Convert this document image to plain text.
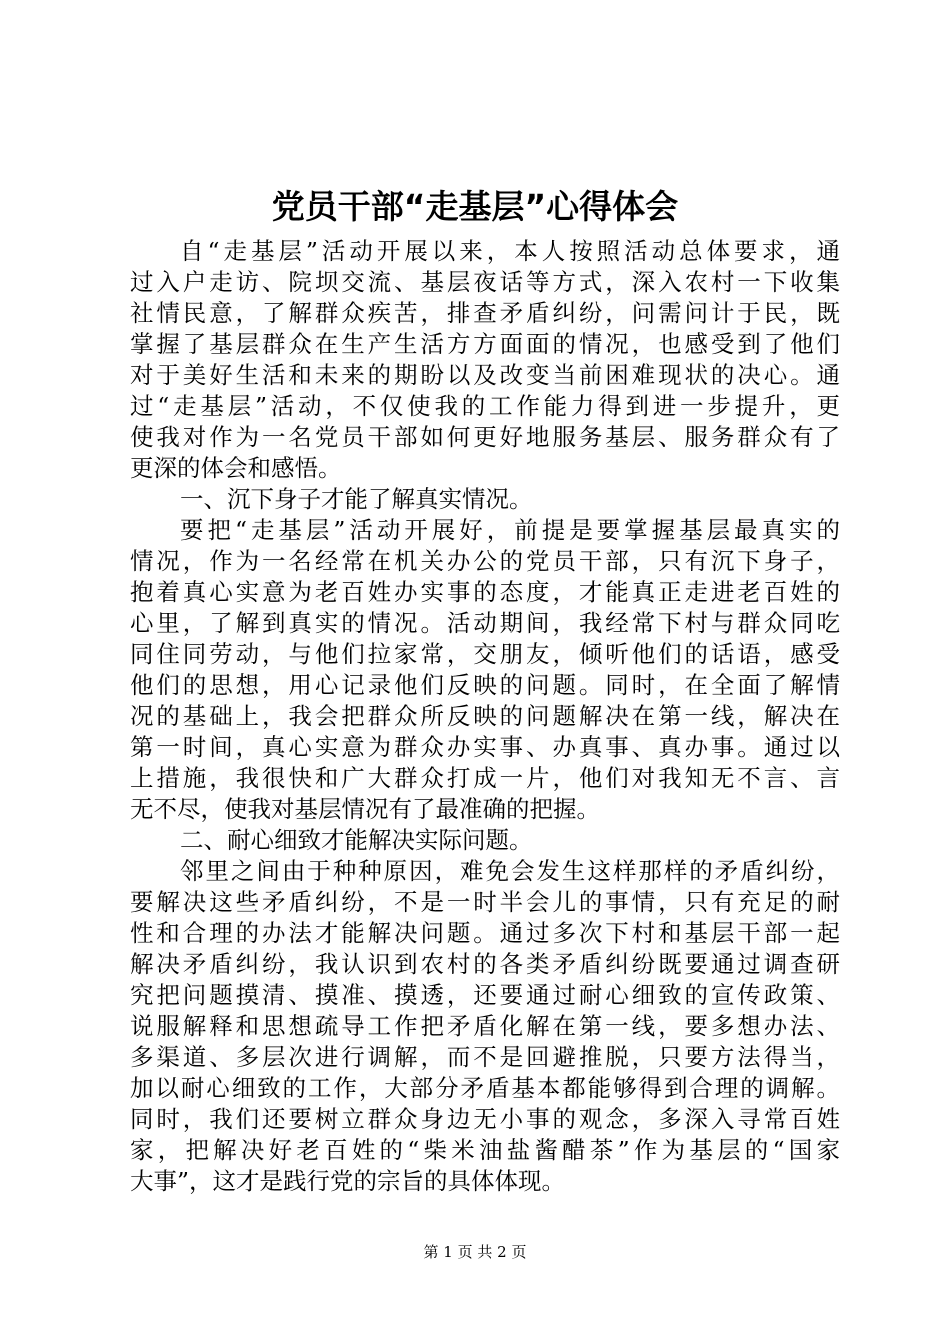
党员干部“走基层”心得体会
自“走基层”活动开展以来，本人按照活动总体要求，通
过入户走访、院坝交流、基层夜话等方式，深入农村一下收集
社情民意，了解群众疾苦，排查矛盾纠纷，问需问计于民，既
掌握了基层群众在生产生活方方面面的情况，也感受到了他们
对于美好生活和未来的期盼以及改变当前困难现状的决心。通
过“走基层”活动，不仅使我的工作能力得到进一步提升，更
使我对作为一名党员干部如何更好地服务基层、服务群众有了
更深的体会和感悟。
一、沉下身子才能了解真实情况。
要把“走基层”活动开展好，前提是要掌握基层最真实的
情况，作为一名经常在机关办公的党员干部，只有沉下身子，
抱着真心实意为老百姓办实事的态度，才能真正走进老百姓的
心里，了解到真实的情况。活动期间，我经常下村与群众同吃
同住同劳动，与他们拉家常，交朋友，倾听他们的话语，感受
他们的思想，用心记录他们反映的问题。同时，在全面了解情
况的基础上，我会把群众所反映的问题解决在第一线，解决在
第一时间，真心实意为群众办实事、办真事、真办事。通过以
上措施，我很快和广大群众打成一片，他们对我知无不言、言
无不尽，使我对基层情况有了最准确的把握。
二、耐心细致才能解决实际问题。
邻里之间由于种种原因，难免会发生这样那样的矛盾纠纷，
要解决这些矛盾纠纷，不是一时半会儿的事情，只有充足的耐
性和合理的办法才能解决问题。通过多次下村和基层干部一起
解决矛盾纠纷，我认识到农村的各类矛盾纠纷既要通过调查研
究把问题摸清、摸准、摸透，还要通过耐心细致的宣传政策、
说服解释和思想疏导工作把矛盾化解在第一线，要多想办法、
多渠道、多层次进行调解，而不是回避推脱，只要方法得当，
加以耐心细致的工作，大部分矛盾基本都能够得到合理的调解。
同时，我们还要树立群众身边无小事的观念，多深入寻常百姓
家，把解决好老百姓的“柴米油盐酱醋茶”作为基层的“国家
大事”，这才是践行党的宗旨的具体体现。
第 1 页 共 2 页
